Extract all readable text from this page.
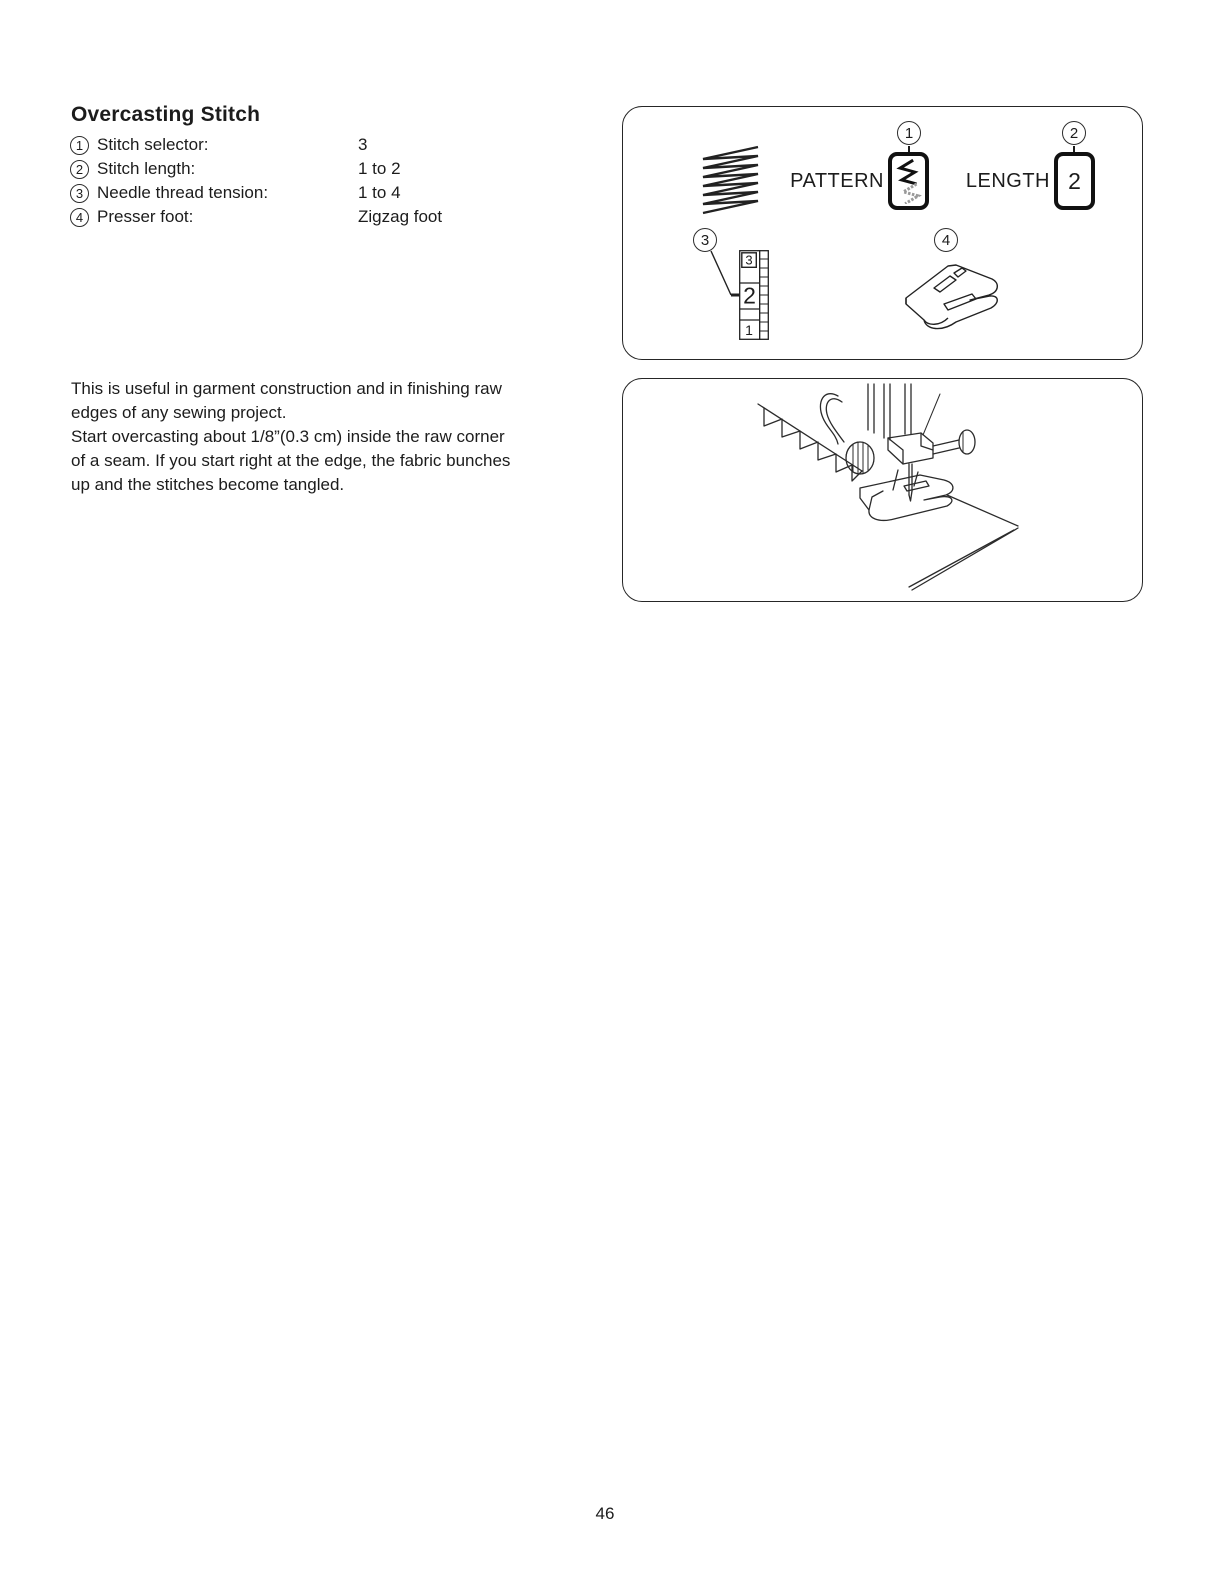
Overcasting Stitch
1 Stitch selector:	3
2 Stitch length:	1 to 2
3 Needle thread tension:	1 to 4
4 Presser foot:	Zigzag foot
This is useful in garment construction and in finishing raw
edges of any sewing project.
Start overcasting about 1/8”(0.3 cm) inside the raw corner
of a seam. If you start right at the edge, the fabric bunches
up and the stitches become tangled.
1
PATTERN
2
LENGTH 2
3
3
2
1
4
46
